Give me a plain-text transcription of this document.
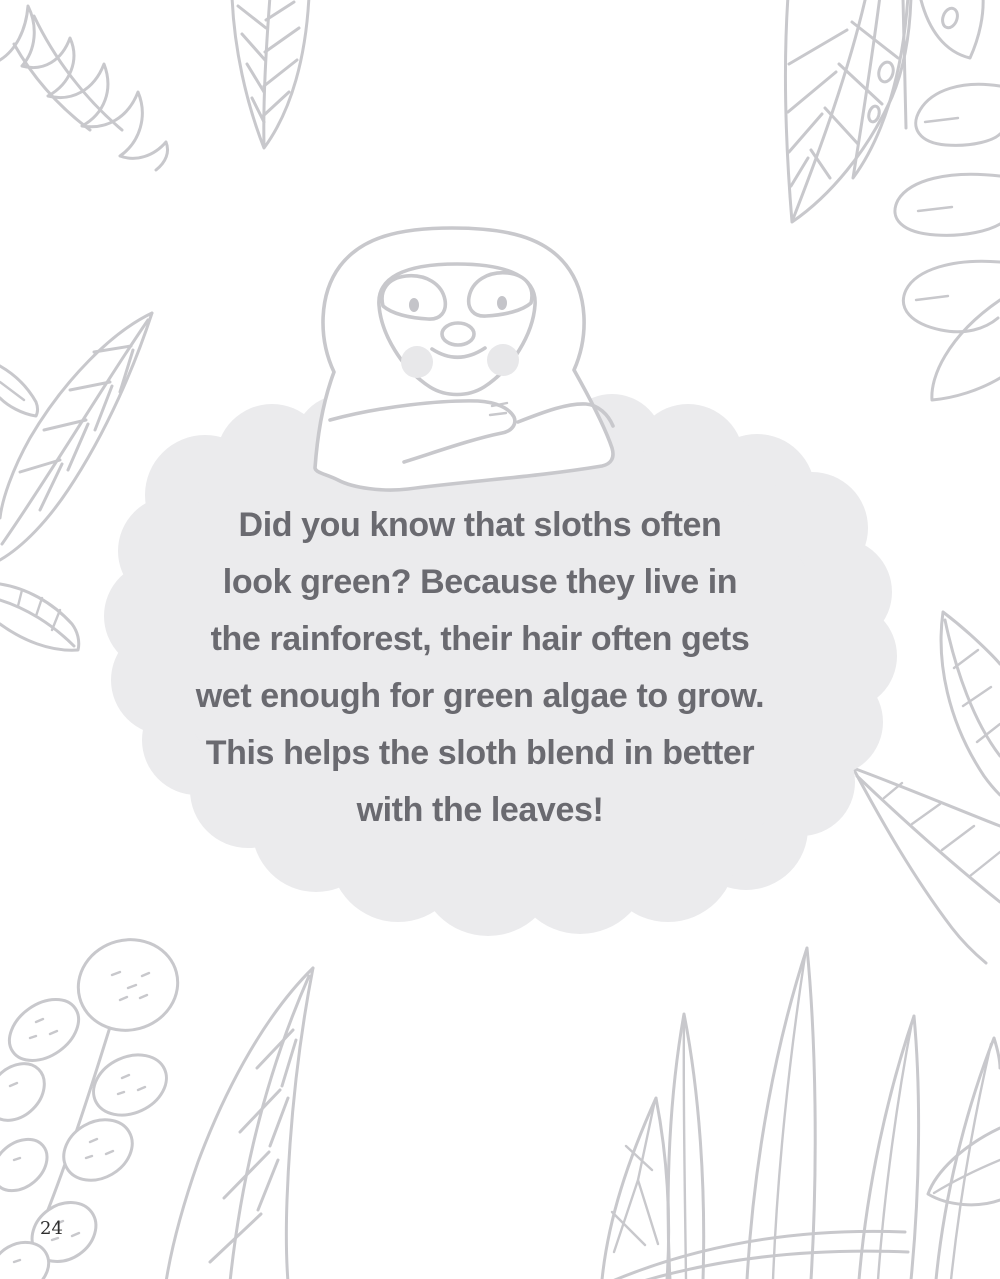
Did you know that sloths often
look green? Because they live in
the rainforest, their hair often gets
wet enough for green algae to grow.
This helps the sloth blend in better
with the leaves!
24
